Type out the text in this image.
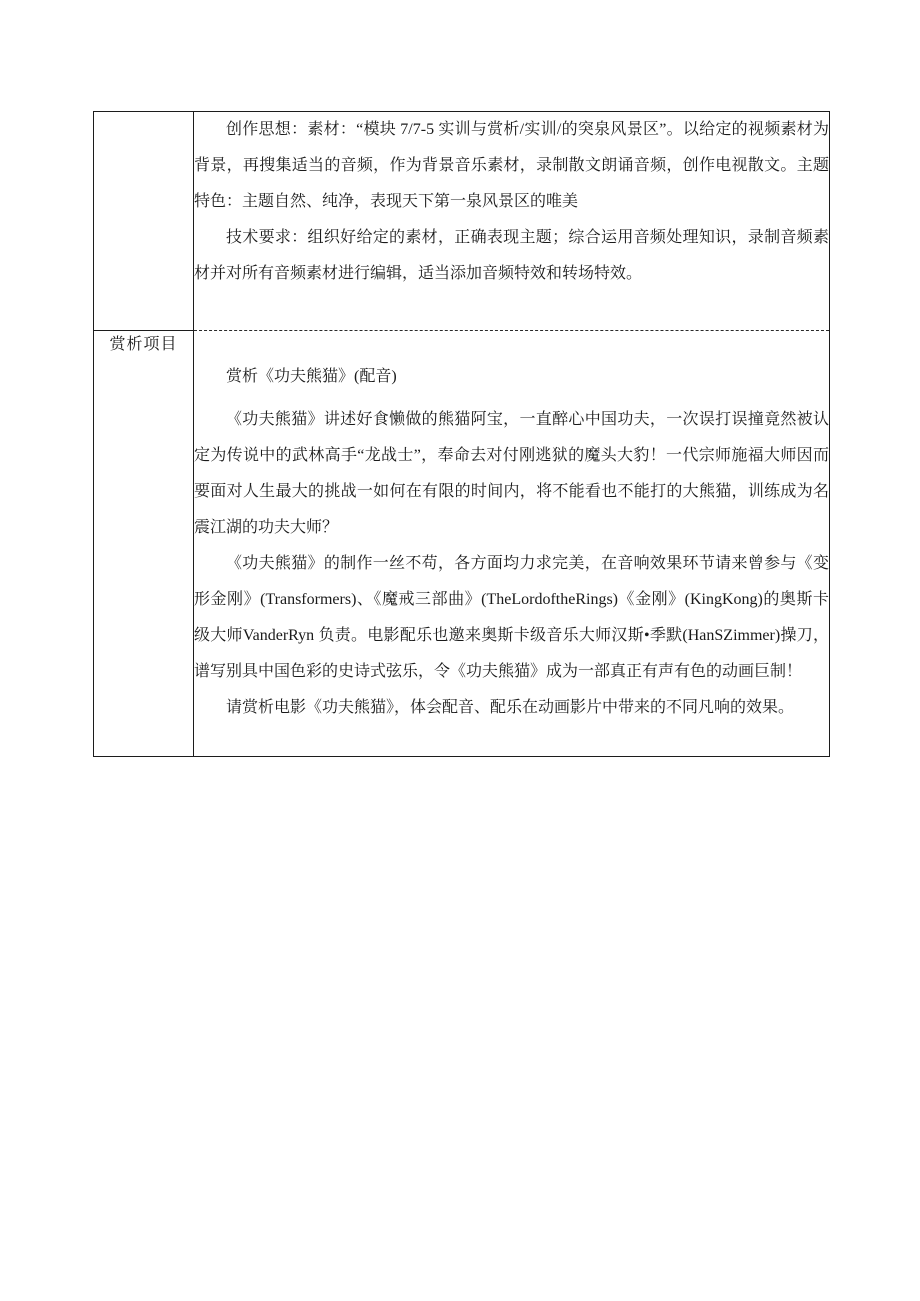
	创作思想：素材：“模块 7/7-5 实训与赏析/实训/的突泉风景区”。以给定的视频素材为背景，再搜集适当的音频，作为背景音乐素材，录制散文朗诵音频，创作电视散文。主题特色：主题自然、纯净，表现天下第一泉风景区的唯美

技术要求：组织好给定的素材，正确表现主题；综合运用音频处理知识，录制音频素材并对所有音频素材进行编辑，适当添加音频特效和转场特效。

赏析项目	赏析《功夫熊猫》(配音)

《功夫熊猫》讲述好食懒做的熊猫阿宝，一直醉心中国功夫，一次误打误撞竟然被认定为传说中的武林高手“龙战士”，奉命去对付刚逃狱的魔头大豹！一代宗师施福大师因而要面对人生最大的挑战一如何在有限的时间内，将不能看也不能打的大熊猫，训练成为名震江湖的功夫大师？

《功夫熊猫》的制作一丝不苟，各方面均力求完美，在音响效果环节请来曾参与《变形金刚》(Transformers)、《魔戒三部曲》(TheLordoftheRings)《金刚》(KingKong)的奥斯卡级大师VanderRyn 负责。电影配乐也邀来奥斯卡级音乐大师汉斯•季默(HanSZimmer)操刀，谱写别具中国色彩的史诗式弦乐，令《功夫熊猫》成为一部真正有声有色的动画巨制！

请赏析电影《功夫熊猫》，体会配音、配乐在动画影片中带来的不同凡响的效果。
